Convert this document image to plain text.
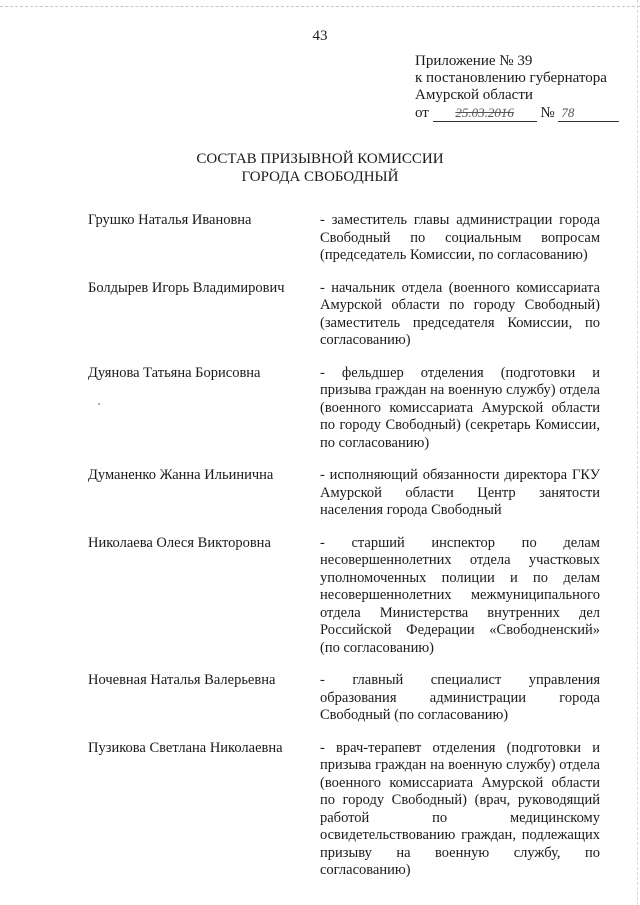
43
Приложение № 39
к постановлению губернатора
Амурской области
от 25.03.2016 № 78
СОСТАВ ПРИЗЫВНОЙ КОМИССИИ
ГОРОДА СВОБОДНЫЙ
Грушко Наталья Ивановна	- заместитель главы администрации города Свободный по социальным вопросам (председатель Комиссии, по согласованию)
Болдырев Игорь Владимирович	- начальник отдела (военного комиссариата Амурской области по городу Свободный) (заместитель председателя Комиссии, по согласованию)
Дуянова Татьяна Борисовна	- фельдшер отделения (подготовки и призыва граждан на военную службу) отдела (военного комиссариата Амурской области по городу Свободный) (секретарь Комиссии, по согласованию)
Думаненко Жанна Ильинична	- исполняющий обязанности директора ГКУ Амурской области Центр занятости населения города Свободный
Николаева Олеся Викторовна	- старший инспектор по делам несовершеннолетних отдела участковых уполномоченных полиции и по делам несовершеннолетних межмуниципального отдела Министерства внутренних дел Российской Федерации «Свободненский» (по согласованию)
Ночевная Наталья Валерьевна	- главный специалист управления образования администрации города Свободный (по согласованию)
Пузикова Светлана Николаевна	- врач-терапевт отделения (подготовки и призыва граждан на военную службу) отдела (военного комиссариата Амурской области по городу Свободный) (врач, руководящий работой по медицинскому освидетельствованию граждан, подлежащих призыву на военную службу, по согласованию)
